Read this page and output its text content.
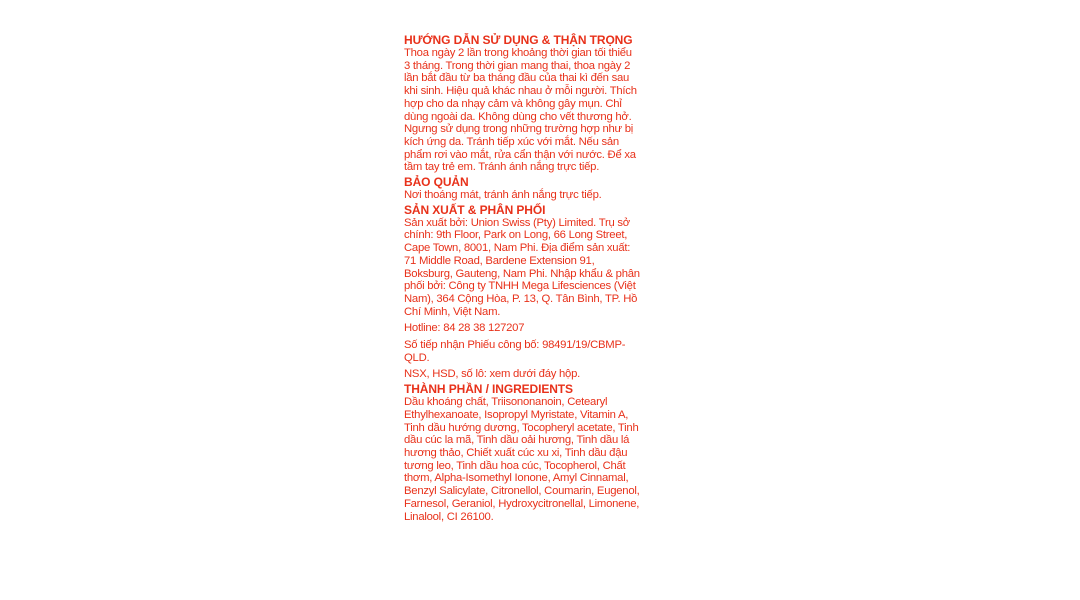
HƯỚNG DẪN SỬ DỤNG & THẬN TRỌNG

Thoa ngày 2 lần trong khoảng thời gian tối thiểu 3 tháng. Trong thời gian mang thai, thoa ngày 2 lần bắt đầu từ ba tháng đầu của thai kì đến sau khi sinh. Hiệu quả khác nhau ở mỗi người. Thích hợp cho da nhạy cảm và không gây mụn. Chỉ dùng ngoài da. Không dùng cho vết thương hở. Ngưng sử dụng trong những trường hợp như bị kích ứng da. Tránh tiếp xúc với mắt. Nếu sản phẩm rơi vào mắt, rửa cẩn thận với nước. Để xa tầm tay trẻ em. Tránh ánh nắng trực tiếp.

BẢO QUẢN

Nơi thoáng mát, tránh ánh nắng trực tiếp.

SẢN XUẤT & PHÂN PHỐI

Sản xuất bởi: Union Swiss (Pty) Limited. Trụ sở chính: 9th Floor, Park on Long, 66 Long Street, Cape Town, 8001, Nam Phi. Địa điểm sản xuất: 71 Middle Road, Bardene Extension 91, Boksburg, Gauteng, Nam Phi. Nhập khẩu & phân phối bởi: Công ty TNHH Mega Lifesciences (Việt Nam), 364 Cộng Hòa, P. 13, Q. Tân Bình, TP. Hồ Chí Minh, Việt Nam.

Hotline: 84 28 38 127207

Số tiếp nhận Phiếu công bố: 98491/19/CBMP-QLD.

NSX, HSD, số lô: xem dưới đáy hộp.

THÀNH PHẦN / INGREDIENTS

Dầu khoáng chất, Triisononanoin, Cetearyl Ethylhexanoate, Isopropyl Myristate, Vitamin A, Tinh dầu hướng dương, Tocopheryl acetate, Tinh dầu cúc la mã, Tinh dầu oải hương, Tinh dầu lá hương thảo, Chiết xuất cúc xu xi, Tinh dầu đậu tương leo, Tinh dầu hoa cúc, Tocopherol, Chất thơm, Alpha-Isomethyl Ionone, Amyl Cinnamal, Benzyl Salicylate, Citronellol, Coumarin, Eugenol, Farnesol, Geraniol, Hydroxycitronellal, Limonene, Linalool, CI 26100.
